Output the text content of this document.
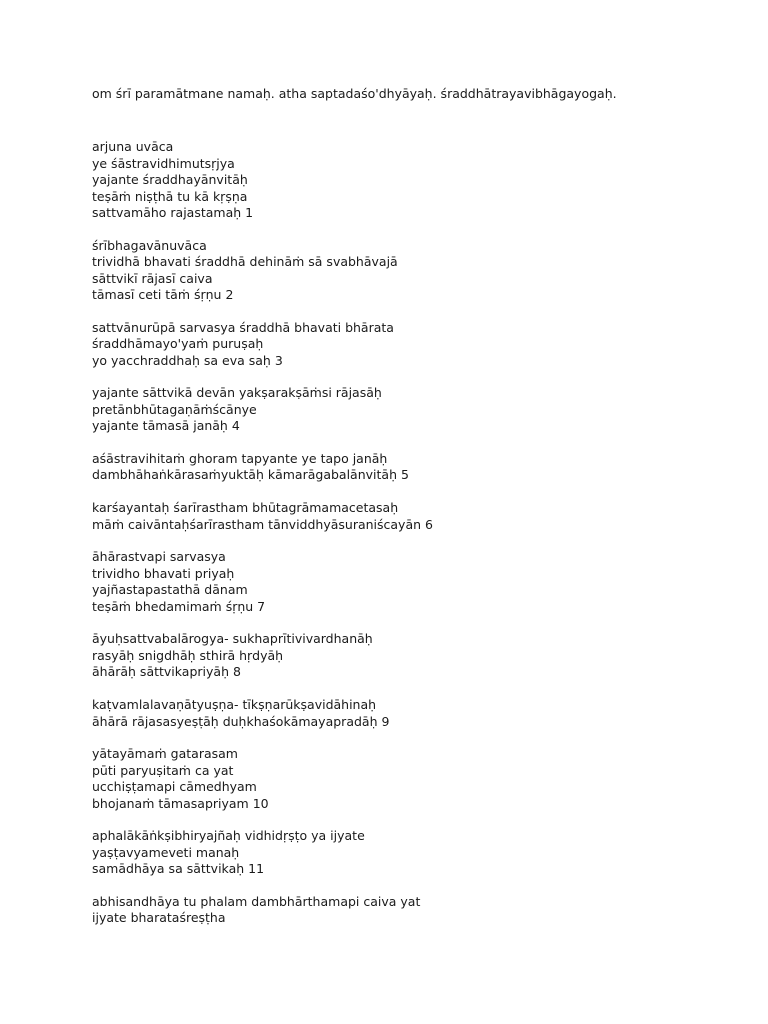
om śrī paramātmane namaḥ. atha saptadaśo'dhyāyaḥ. śraddhātrayavibhāgayogaḥ.
arjuna uvāca
ye śāstravidhimutsṛjya
yajante śraddhayānvitāḥ
teṣāṁ niṣṭhā tu kā kṛṣṇa
sattvamāho rajastamaḥ 1
śrībhagavānuvāca
trividhā bhavati śraddhā dehināṁ sā svabhāvajā
sāttvikī rājasī caiva
tāmasī ceti tāṁ śṛṇu 2
sattvānurūpā sarvasya śraddhā bhavati bhārata
śraddhāmayo'yaṁ puruṣaḥ
yo yacchraddhaḥ sa eva saḥ 3
yajante sāttvikā devān yakṣarakṣāṁsi rājasāḥ
pretānbhūtagaṇāṁścānye
yajante tāmasā janāḥ 4
aśāstravihitaṁ ghoram tapyante ye tapo janāḥ
dambhāhaṅkārasaṁyuktāḥ kāmarāgabalānvitāḥ 5
karśayantaḥ śarīrastham bhūtagrāmamacetasaḥ
māṁ caivāntaḥśarīrastham tānviddhyāsuraniścayān 6
āhārastvapi sarvasya
trividho bhavati priyaḥ
yajñastapastathā dānam
teṣāṁ bhedamimaṁ śṛṇu 7
āyuḥsattvabalārogya- sukhaprītivivardhanāḥ
rasyāḥ snigdhāḥ sthirā hṛdyāḥ
āhārāḥ sāttvikapriyāḥ 8
kaṭvamlalavaṇātyuṣṇa- tīkṣṇarūkṣavidāhinaḥ
āhārā rājasasyeṣṭāḥ duḥkhaśokāmayapradāḥ 9
yātayāmaṁ gatarasam
pūti paryuṣitaṁ ca yat
ucchiṣṭamapi cāmedhyam
bhojanaṁ tāmasapriyam 10
aphalākāṅkṣibhiryajñaḥ vidhidṛṣṭo ya ijyate
yaṣṭavyameveti manaḥ
samādhāya sa sāttvikaḥ 11
abhisandhāya tu phalam dambhārthamapi caiva yat
ijyate bharataśreṣṭha
